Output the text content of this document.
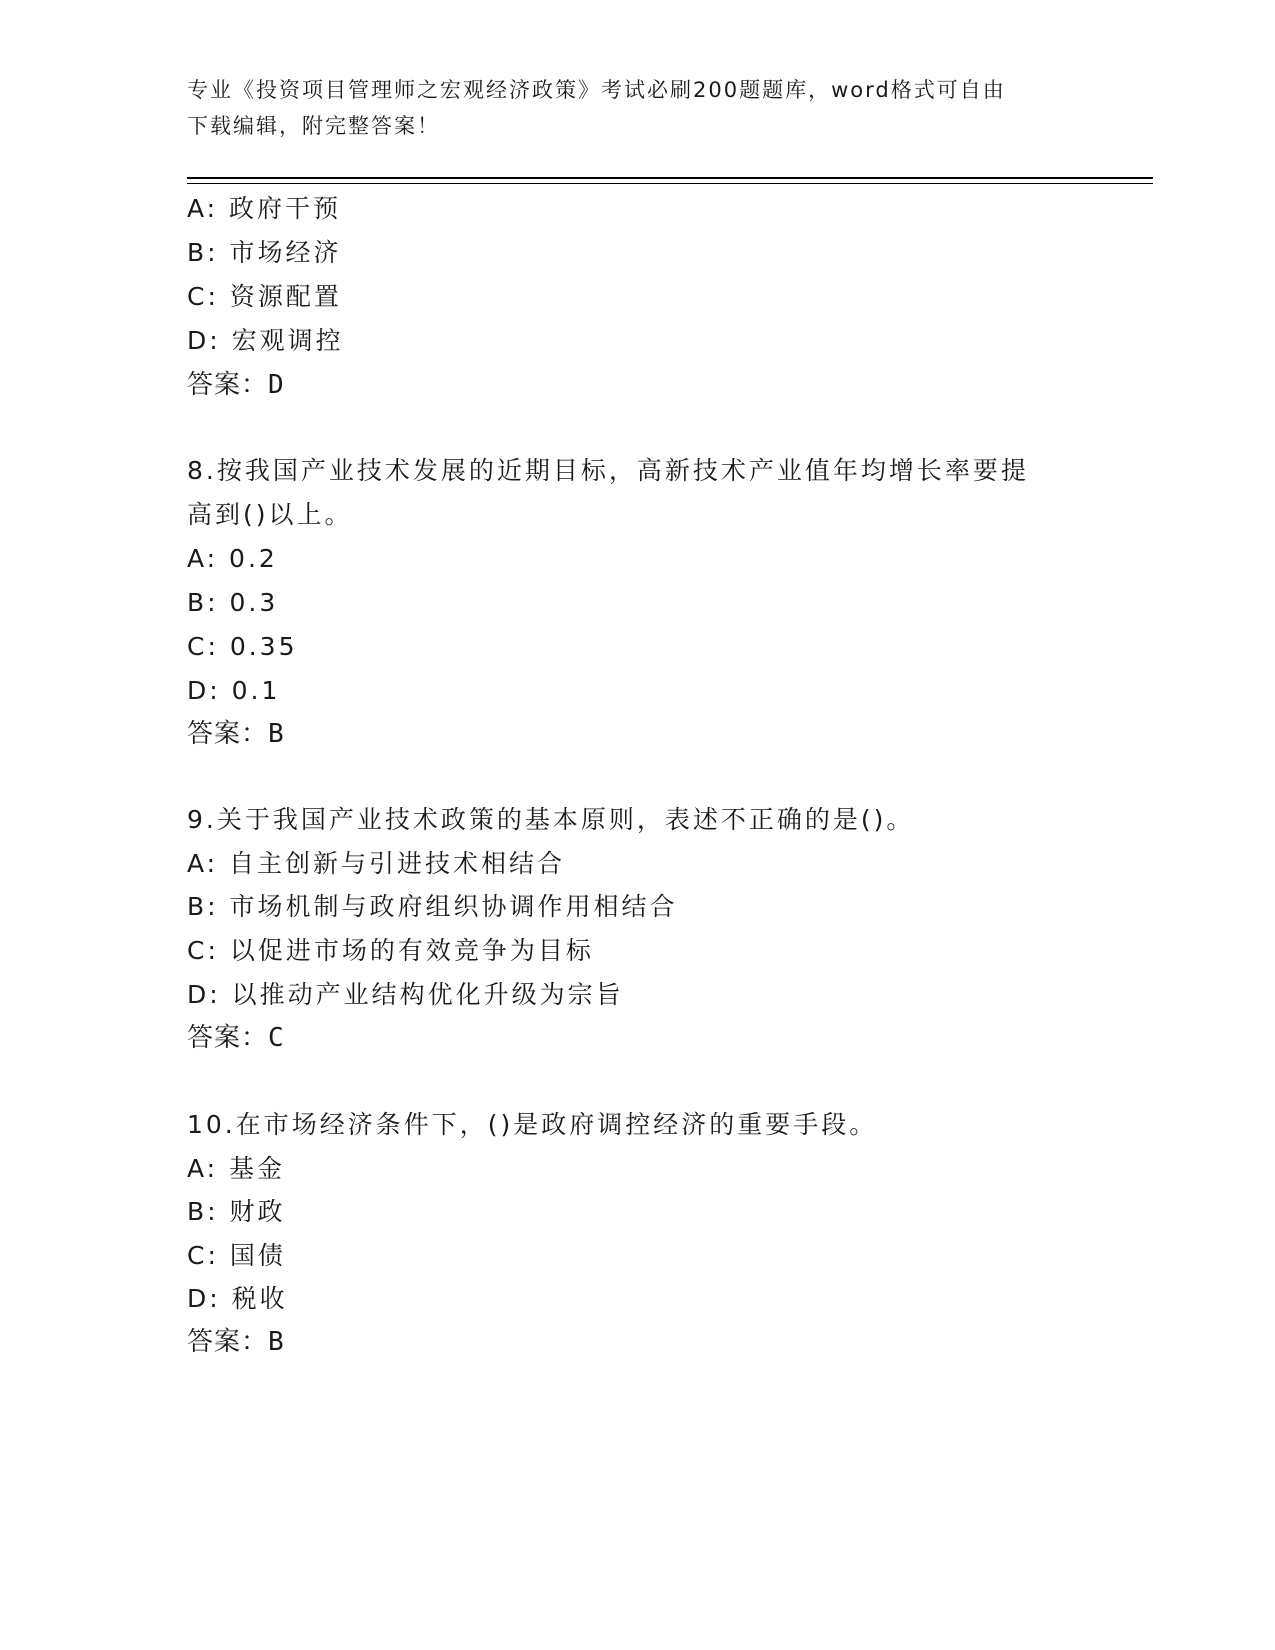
专业《投资项目管理师之宏观经济政策》考试必刷200题题库，word格式可自由
下载编辑，附完整答案！
A: 政府干预
B: 市场经济
C: 资源配置
D: 宏观调控
答案：D
8.按我国产业技术发展的近期目标，高新技术产业值年均增长率要提
高到()以上。
A: 0.2
B: 0.3
C: 0.35
D: 0.1
答案：B
9.关于我国产业技术政策的基本原则，表述不正确的是()。
A: 自主创新与引进技术相结合
B: 市场机制与政府组织协调作用相结合
C: 以促进市场的有效竞争为目标
D: 以推动产业结构优化升级为宗旨
答案：C
10.在市场经济条件下，()是政府调控经济的重要手段。
A: 基金
B: 财政
C: 国债
D: 税收
答案：B
